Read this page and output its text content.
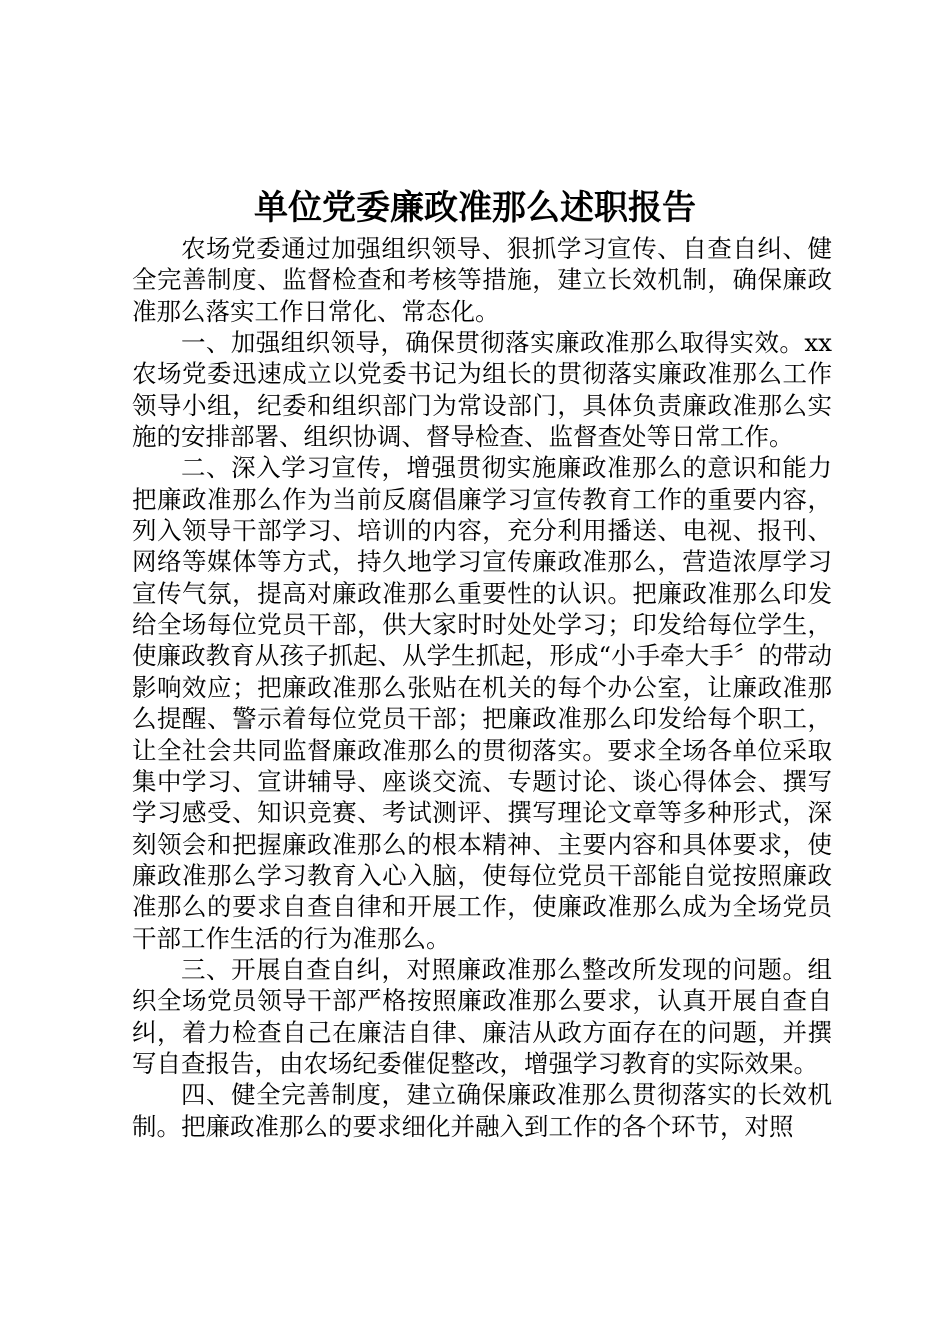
单位党委廉政准那么述职报告

农场党委通过加强组织领导、狠抓学习宣传、自查自纠、健全完善制度、监督检查和考核等措施，建立长效机制，确保廉政准那么落实工作日常化、常态化。

一、加强组织领导，确保贯彻落实廉政准那么取得实效。xx农场党委迅速成立以党委书记为组长的贯彻落实廉政准那么工作领导小组，纪委和组织部门为常设部门，具体负责廉政准那么实施的安排部署、组织协调、督导检查、监督查处等日常工作。

二、深入学习宣传，增强贯彻实施廉政准那么的意识和能力把廉政准那么作为当前反腐倡廉学习宣传教育工作的重要内容，列入领导干部学习、培训的内容，充分利用播送、电视、报刊、网络等媒体等方式，持久地学习宣传廉政准那么，营造浓厚学习宣传气氛，提高对廉政准那么重要性的认识。把廉政准那么印发给全场每位党员干部，供大家时时处处学习；印发给每位学生，使廉政教育从孩子抓起、从学生抓起，形成“小手牵大手〞的带动影响效应；把廉政准那么张贴在机关的每个办公室，让廉政准那么提醒、警示着每位党员干部；把廉政准那么印发给每个职工，让全社会共同监督廉政准那么的贯彻落实。要求全场各单位采取集中学习、宣讲辅导、座谈交流、专题讨论、谈心得体会、撰写学习感受、知识竞赛、考试测评、撰写理论文章等多种形式，深刻领会和把握廉政准那么的根本精神、主要内容和具体要求，使廉政准那么学习教育入心入脑，使每位党员干部能自觉按照廉政准那么的要求自查自律和开展工作，使廉政准那么成为全场党员干部工作生活的行为准那么。

三、开展自查自纠，对照廉政准那么整改所发现的问题。组织全场党员领导干部严格按照廉政准那么要求，认真开展自查自纠，着力检查自己在廉洁自律、廉洁从政方面存在的问题，并撰写自查报告，由农场纪委催促整改，增强学习教育的实际效果。

四、健全完善制度，建立确保廉政准那么贯彻落实的长效机制。把廉政准那么的要求细化并融入到工作的各个环节，对照
